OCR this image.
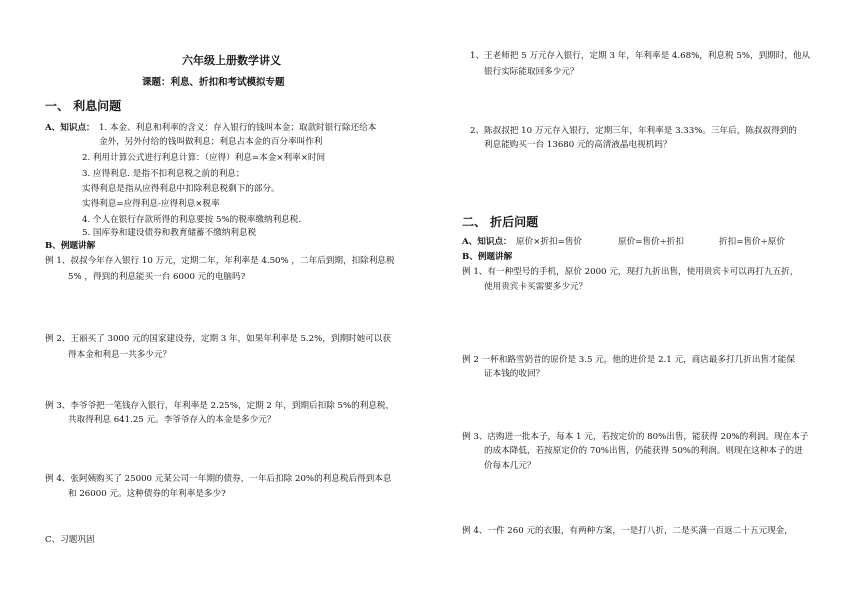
六年级上册数学讲义
课题：利息、折扣和考试模拟专题
一、 利息问题
A、知识点： 1. 本金、利息和利率的含义：存入银行的钱叫本金；取款时银行除还给本
金外，另外付给的钱叫做利息；利息占本金的百分率叫作利
2. 利用计算公式进行利息计算：（应得）利息=本金×利率×时间
3. 应得利息. 是指不扣利息税之前的利息；
实得利息是指从应得利息中扣除利息税剩下的部分。
实得利息=应得利息-应得利息×税率
4. 个人在银行存款所得的利息要按 5%的税率缴纳利息税.
5. 国库券和建设债券和教育储蓄不缴纳利息税
B、例题讲解
例 1、叔叔今年存入银行 10 万元，定期二年，年利率是 4.50% ，二年后到期，扣除利息税
5% ，得到的利息能买一台 6000 元的电脑吗?
例 2、王丽买了 3000 元的国家建设券，定期 3 年，如果年利率是 5.2%，到期时她可以获
得本金和利息一共多少元？
例 3、李爷爷把一笔钱存入银行，年利率是 2.25%，定期 2 年，到期后扣除 5%的利息税，
共取得利息 641.25 元。李爷爷存入的本金是多少元？
例 4、张阿姨购买了 25000 元某公司一年期的债券，一年后扣除 20%的利息税后得到本息
和 26000 元。这种债券的年利率是多少?
C、习题巩固
1、王老师把 5 万元存入银行，定期 3 年，年利率是 4.68%，利息税 5%，到期时，他从
银行实际能取回多少元？
2、陈叔叔把 10 万元存入银行，定期三年，年利率是 3.33%。三年后，陈叔叔得到的
利息能购买一台 13680 元的高清液晶电视机吗？
二、 折后问题
A、知识点： 原价×折扣=售价	原价=售价÷折扣	折扣=售价÷原价
B、例题讲解
例 1、有一种型号的手机，原价 2000 元，现打九折出售，使用贵宾卡可以再打九五折，
使用贵宾卡买需要多少元？
例 2 一杯和路雪奶昔的原价是 3.5 元，他的进价是 2.1 元，商店最多打几折出售才能保
证本钱的收回？
例 3、店购进一批本子，每本 1 元，若按定价的 80%出售，能获得 20%的利润。现在本子
的成本降低，若按原定价的 70%出售，仍能获得 50%的利润。则现在这种本子的进
价每本几元？
例 4、一件 260 元的衣服，有两种方案，一是打八折，二是买满一百返二十五元现金，
